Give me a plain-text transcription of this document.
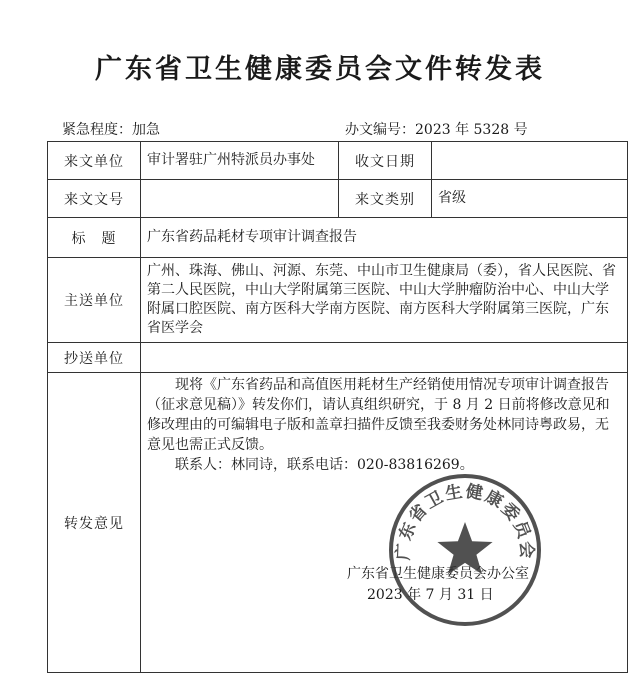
广东省卫生健康委员会文件转发表
紧急程度：加急	办文编号：2023 年 5328 号
来文单位	审计署驻广州特派员办事处	收文日期	
来文文号		来文类别	省级
标　题	广东省药品耗材专项审计调查报告		
主送单位	广州、珠海、佛山、河源、东莞、中山市卫生健康局（委），省人民医院、省第二人民医院，中山大学附属第三医院、中山大学肿瘤防治中心、中山大学附属口腔医院、南方医科大学南方医院、南方医科大学附属第三医院，广东省医学会		
抄送单位			
转发意见	现将《广东省药品和高值医用耗材生产经销使用情况专项审计调查报告（征求意见稿）》转发你们，请认真组织研究，于 8 月 2 日前将修改意见和修改理由的可编辑电子版和盖章扫描件反馈至我委财务处林同诗粤政易，无意见也需正式反馈。

联系人：林同诗，联系电话：020-83816269。

广东省卫生健康委员会办公室
2023 年 7 月 31 日		
广东省卫生健康委员会
